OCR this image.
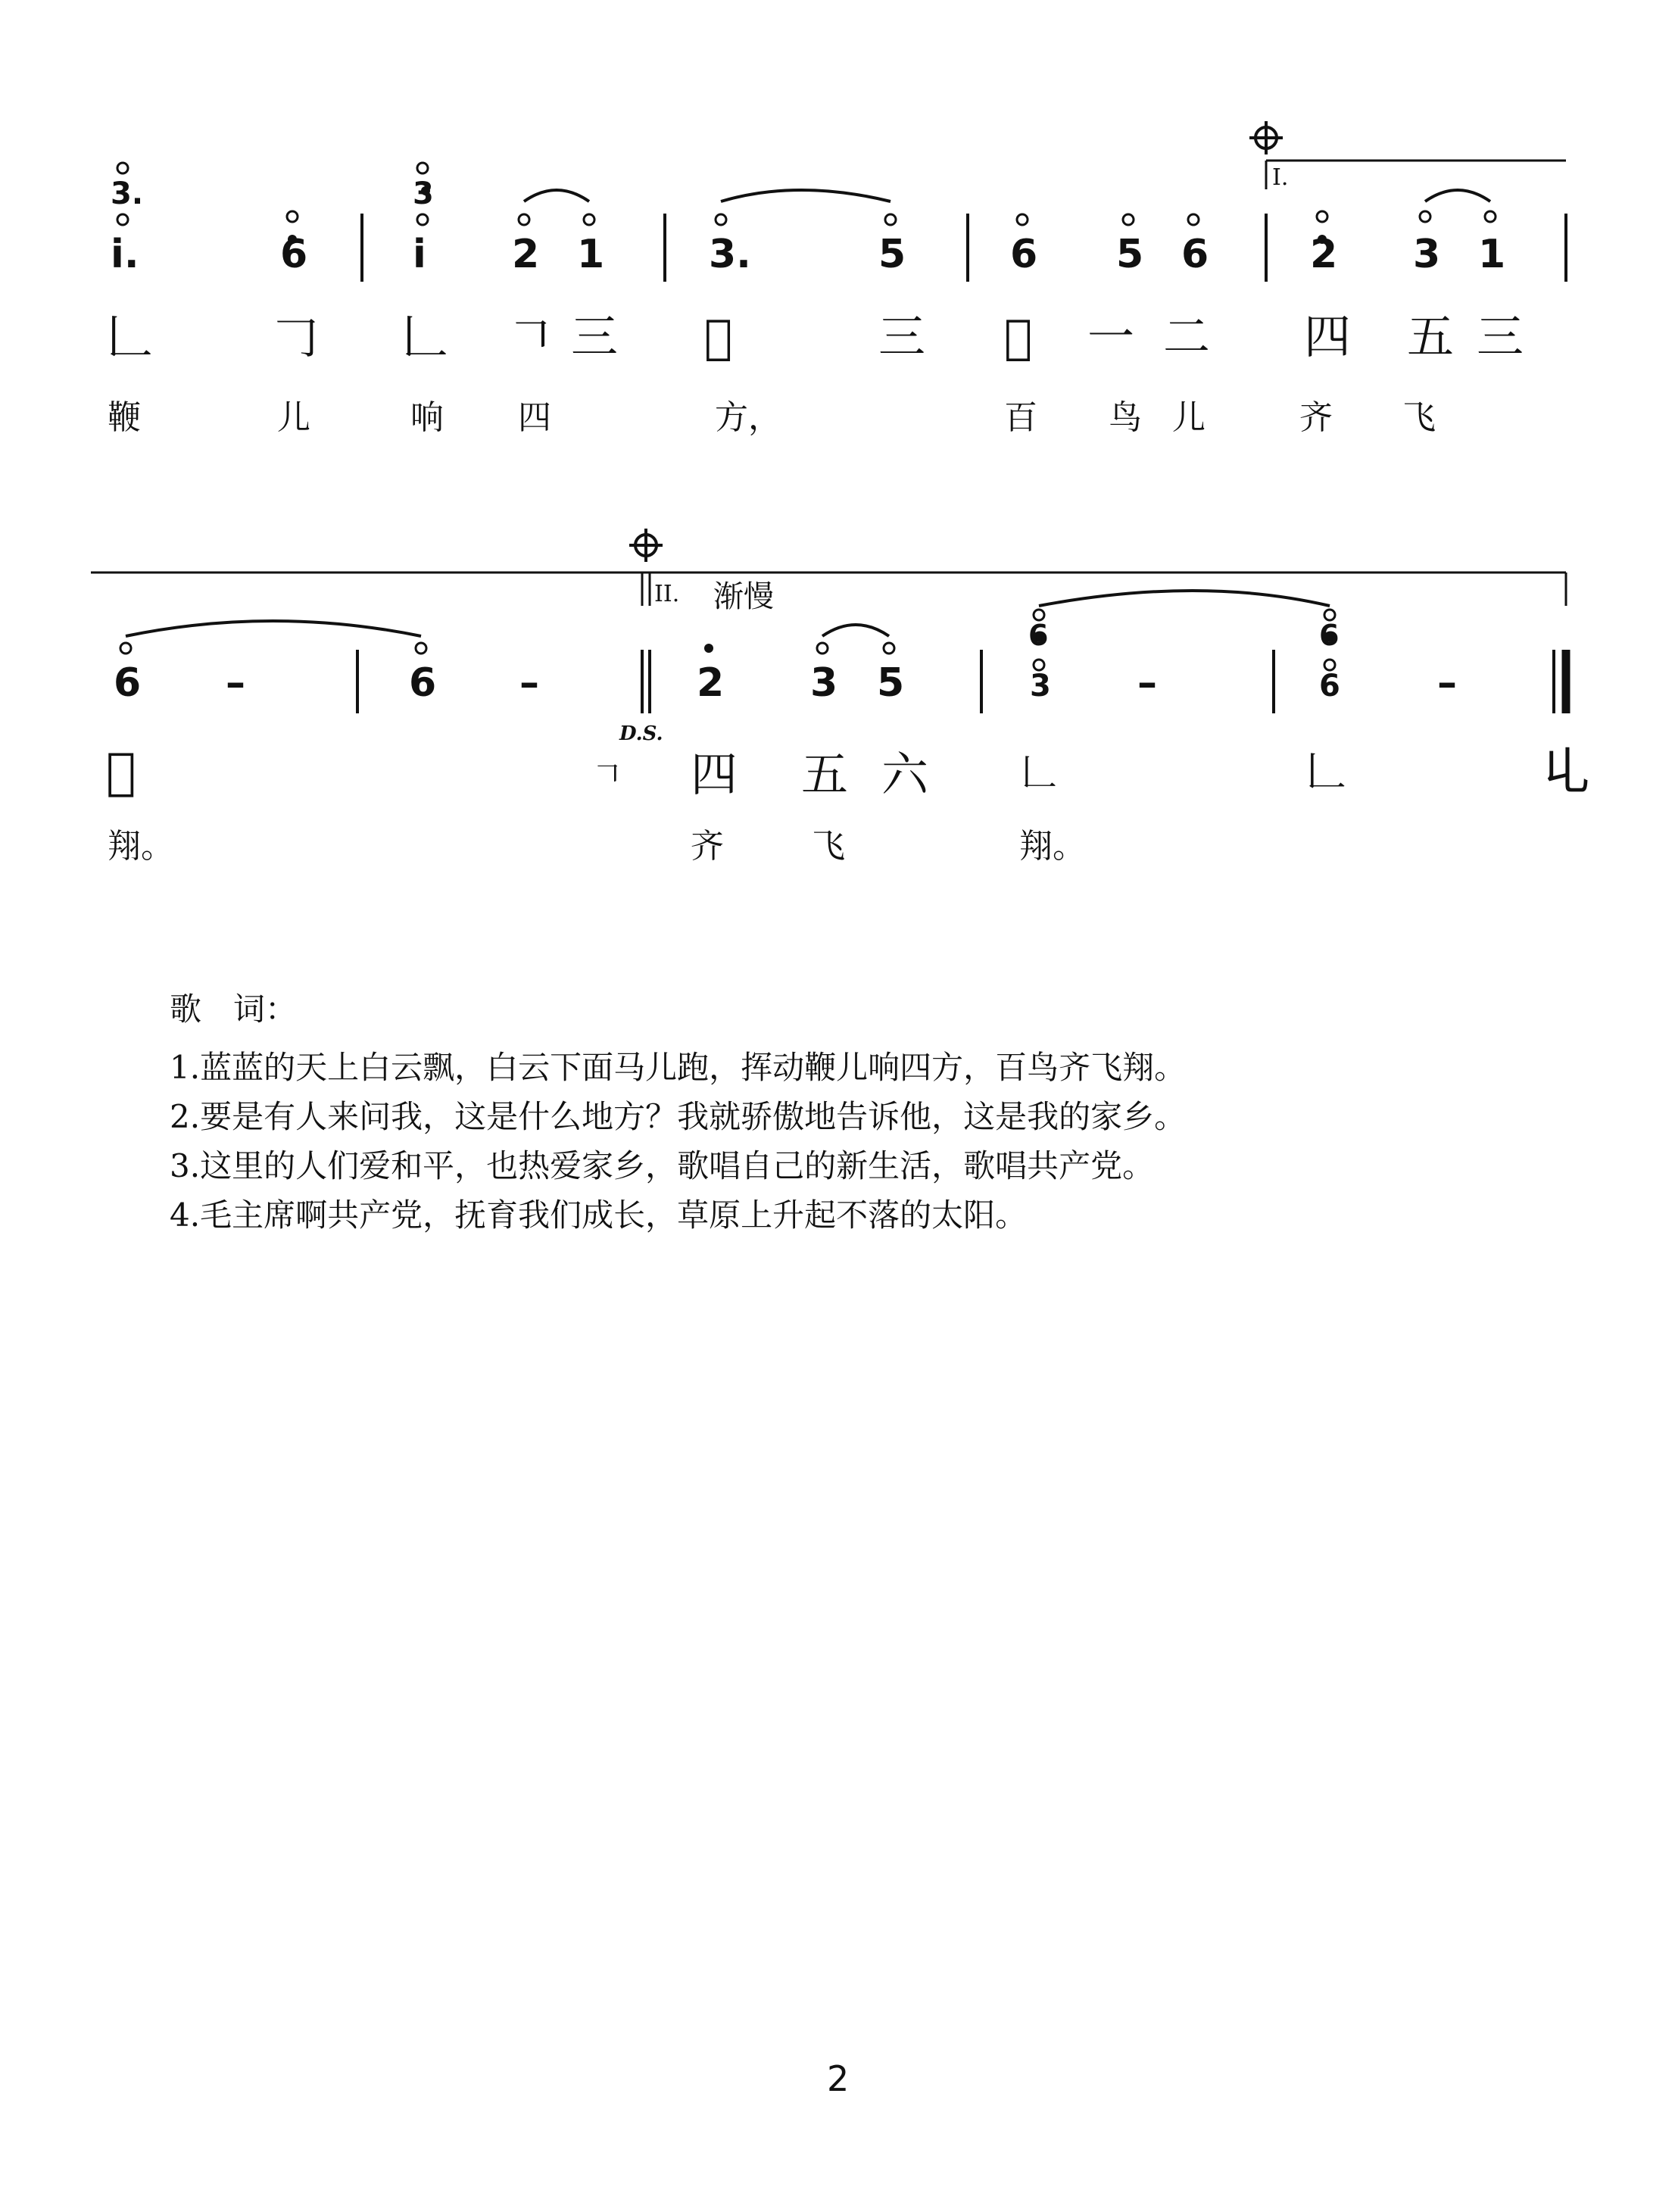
3.
i.	6
3
i 2 1	3.	5	6 5 6	2 3 1
I.
𠃊	𠃌 𠃊 𠃍 三 𠃎	三 𠃎 一 二 四 五 三
鞭	儿	响 四	方，	百 鸟 儿	齐 飞
6 –	6 –	2 3 5
6
3 –
6
6 –
II. 渐慢
D.S.
𠃎	𠃍 四 五 六	𠃊	𠃊	𠃏
翔。	齐	飞	翔。
歌　词：
1.蓝蓝的天上白云飘，白云下面马儿跑，挥动鞭儿响四方，百鸟齐飞翔。
2.要是有人来问我，这是什么地方？我就骄傲地告诉他，这是我的家乡。
3.这里的人们爱和平，也热爱家乡，歌唱自己的新生活，歌唱共产党。
4.毛主席啊共产党，抚育我们成长，草原上升起不落的太阳。
2
